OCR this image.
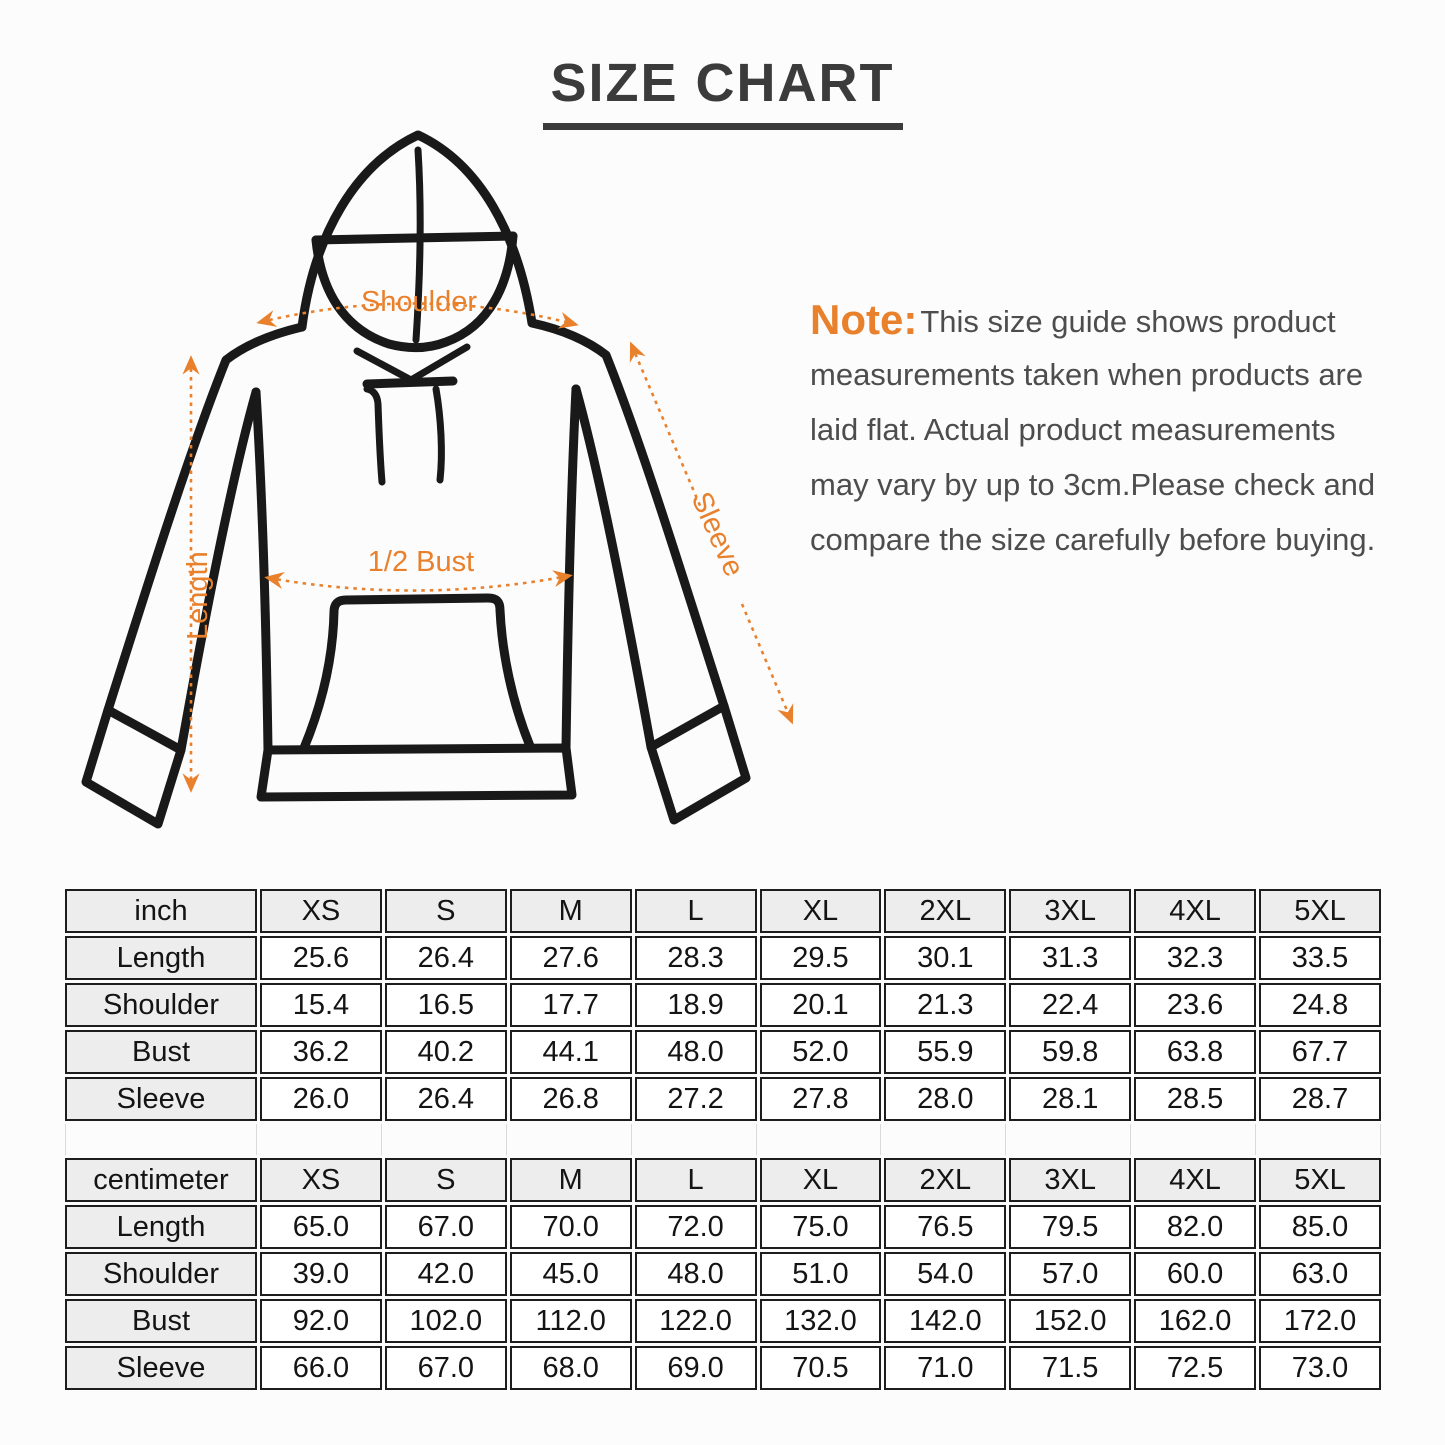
SIZE CHART
Shoulder
Length	1/2 Bust	Sleeve
Note:This size guide shows product
measurements taken when products are
laid flat. Actual product measurements
may vary by up to 3cm.Please check and
compare the size carefully before buying.
inch	XS	S	M	L	XL	2XL	3XL	4XL	5XL
Length	25.6	26.4	27.6	28.3	29.5	30.1	31.3	32.3	33.5
Shoulder	15.4	16.5	17.7	18.9	20.1	21.3	22.4	23.6	24.8
Bust	36.2	40.2	44.1	48.0	52.0	55.9	59.8	63.8	67.7
Sleeve	26.0	26.4	26.8	27.2	27.8	28.0	28.1	28.5	28.7

centimeter	XS	S	M	L	XL	2XL	3XL	4XL	5XL
Length	65.0	67.0	70.0	72.0	75.0	76.5	79.5	82.0	85.0
Shoulder	39.0	42.0	45.0	48.0	51.0	54.0	57.0	60.0	63.0
Bust	92.0	102.0	112.0	122.0	132.0	142.0	152.0	162.0	172.0
Sleeve	66.0	67.0	68.0	69.0	70.5	71.0	71.5	72.5	73.0
